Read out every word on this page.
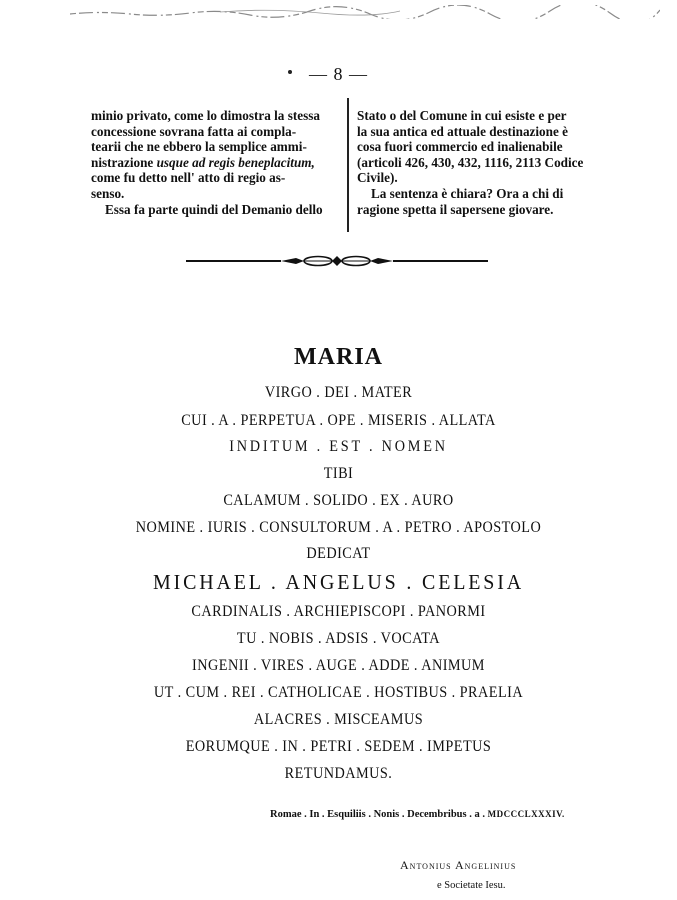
— 8 —

minio privato, come lo dimostra la stessa

concessione sovrana fatta ai compla-

tearii che ne ebbero la semplice ammi-

nistrazione usque ad regis beneplacitum,

come fu detto nell' atto di regio as-

senso.

Essa fa parte quindi del Demanio dello

Stato o del Comune in cui esiste e per

la sua antica ed attuale destinazione è

cosa fuori commercio ed inalienabile

(articoli 426, 430, 432, 1116, 2113 Codice

Civile).

La sentenza è chiara? Ora a chi di

ragione spetta il sapersene giovare.

MARIA
VIRGO . DEI . MATER
CUI . A . PERPETUA . OPE . MISERIS . ALLATA
INDITUM . EST . NOMEN
TIBI
CALAMUM . SOLIDO . EX . AURO
NOMINE . IURIS . CONSULTORUM . A . PETRO . APOSTOLO
DEDICAT
MICHAEL . ANGELUS . CELESIA
CARDINALIS . ARCHIEPISCOPI . PANORMI
TU . NOBIS . ADSIS . VOCATA
INGENII . VIRES . AUGE . ADDE . ANIMUM
UT . CUM . REI . CATHOLICAE . HOSTIBUS . PRAELIA
ALACRES . MISCEAMUS
EORUMQUE . IN . PETRI . SEDEM . IMPETUS
RETUNDAMUS.
Romae . In . Esquiliis . Nonis . Decembribus . a . MDCCCLXXXIV.
Antonius Angelinius
e Societate Iesu.
